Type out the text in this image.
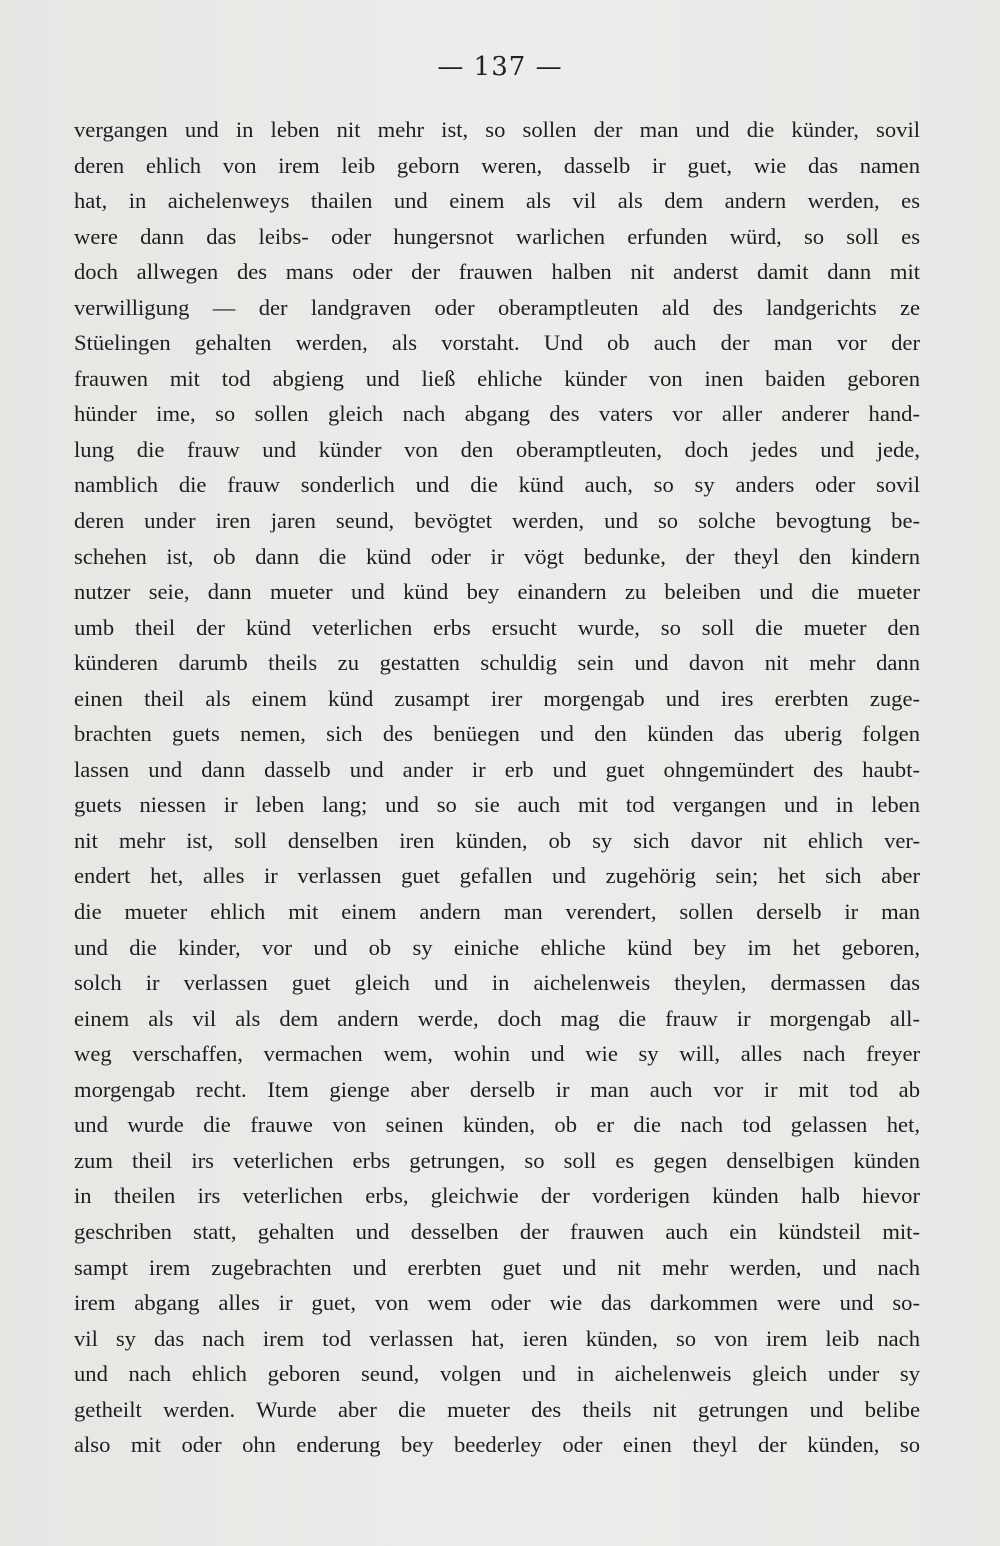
— 137 —
vergangen und in leben nit mehr ist, so sollen der man und die künder, sovil
deren ehlich von irem leib geborn weren, dasselb ir guet, wie das namen
hat, in aichelenweys thailen und einem als vil als dem andern werden, es
were dann das leibs- oder hungersnot warlichen erfunden würd, so soll es
doch allwegen des mans oder der frauwen halben nit anderst damit dann mit
verwilligung — der landgraven oder oberamptleuten ald des landgerichts ze
Stüelingen gehalten werden, als vorstaht. Und ob auch der man vor der
frauwen mit tod abgieng und ließ ehliche künder von inen baiden geboren
hünder ime, so sollen gleich nach abgang des vaters vor aller anderer hand-
lung die frauw und künder von den oberamptleuten, doch jedes und jede,
namblich die frauw sonderlich und die künd auch, so sy anders oder sovil
deren under iren jaren seund, bevögtet werden, und so solche bevogtung be-
schehen ist, ob dann die künd oder ir vögt bedunke, der theyl den kindern
nutzer seie, dann mueter und künd bey einandern zu beleiben und die mueter
umb theil der künd veterlichen erbs ersucht wurde, so soll die mueter den
künderen darumb theils zu gestatten schuldig sein und davon nit mehr dann
einen theil als einem künd zusampt irer morgengab und ires ererbten zuge-
brachten guets nemen, sich des benüegen und den künden das uberig folgen
lassen und dann dasselb und ander ir erb und guet ohngemündert des haubt-
guets niessen ir leben lang; und so sie auch mit tod vergangen und in leben
nit mehr ist, soll denselben iren künden, ob sy sich davor nit ehlich ver-
endert het, alles ir verlassen guet gefallen und zugehörig sein; het sich aber
die mueter ehlich mit einem andern man verendert, sollen derselb ir man
und die kinder, vor und ob sy einiche ehliche künd bey im het geboren,
solch ir verlassen guet gleich und in aichelenweis theylen, dermassen das
einem als vil als dem andern werde, doch mag die frauw ir morgengab all-
weg verschaffen, vermachen wem, wohin und wie sy will, alles nach freyer
morgengab recht. Item gienge aber derselb ir man auch vor ir mit tod ab
und wurde die frauwe von seinen künden, ob er die nach tod gelassen het,
zum theil irs veterlichen erbs getrungen, so soll es gegen denselbigen künden
in theilen irs veterlichen erbs, gleichwie der vorderigen künden halb hievor
geschriben statt, gehalten und desselben der frauwen auch ein kündsteil mit-
sampt irem zugebrachten und ererbten guet und nit mehr werden, und nach
irem abgang alles ir guet, von wem oder wie das darkommen were und so-
vil sy das nach irem tod verlassen hat, ieren künden, so von irem leib nach
und nach ehlich geboren seund, volgen und in aichelenweis gleich under sy
getheilt werden. Wurde aber die mueter des theils nit getrungen und belibe
also mit oder ohn enderung bey beederley oder einen theyl der künden, so
